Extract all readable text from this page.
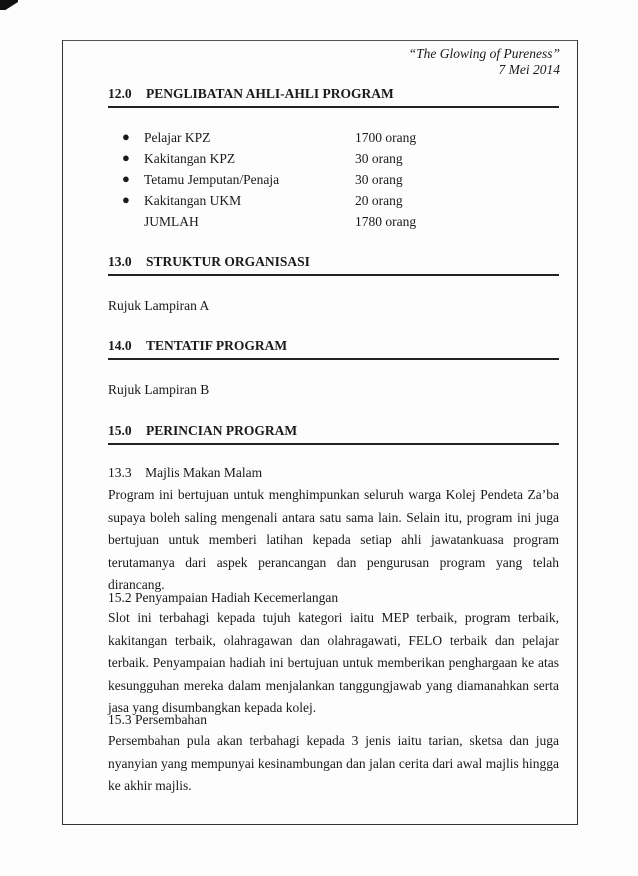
“The Glowing of Pureness”
7 Mei 2014
12.0 PENGLIBATAN AHLI-AHLI PROGRAM
● Pelajar KPZ	1700 orang
● Kakitangan KPZ	30 orang
● Tetamu Jemputan/Penaja	30 orang
● Kakitangan UKM	20 orang
JUMLAH	1780 orang
13.0 STRUKTUR ORGANISASI
Rujuk Lampiran A
14.0 TENTATIF PROGRAM
Rujuk Lampiran B
15.0 PERINCIAN PROGRAM
13.3    Majlis Makan Malam
Program ini bertujuan untuk menghimpunkan seluruh warga Kolej Pendeta Za’ba supaya boleh saling mengenali antara satu sama lain. Selain itu, program ini juga bertujuan untuk memberi latihan kepada setiap ahli jawatankuasa program terutamanya dari aspek perancangan dan pengurusan program yang telah dirancang.
15.2 Penyampaian Hadiah Kecemerlangan
Slot ini terbahagi kepada tujuh kategori iaitu MEP terbaik, program terbaik, kakitangan terbaik, olahragawan dan olahragawati, FELO terbaik dan pelajar terbaik. Penyampaian hadiah ini bertujuan untuk memberikan penghargaan ke atas kesungguhan mereka dalam menjalankan tanggungjawab yang diamanahkan serta jasa yang disumbangkan kepada kolej.
15.3 Persembahan
Persembahan pula akan terbahagi kepada 3 jenis iaitu tarian, sketsa dan juga nyanyian yang mempunyai kesinambungan dan jalan cerita dari awal majlis hingga ke akhir majlis.
